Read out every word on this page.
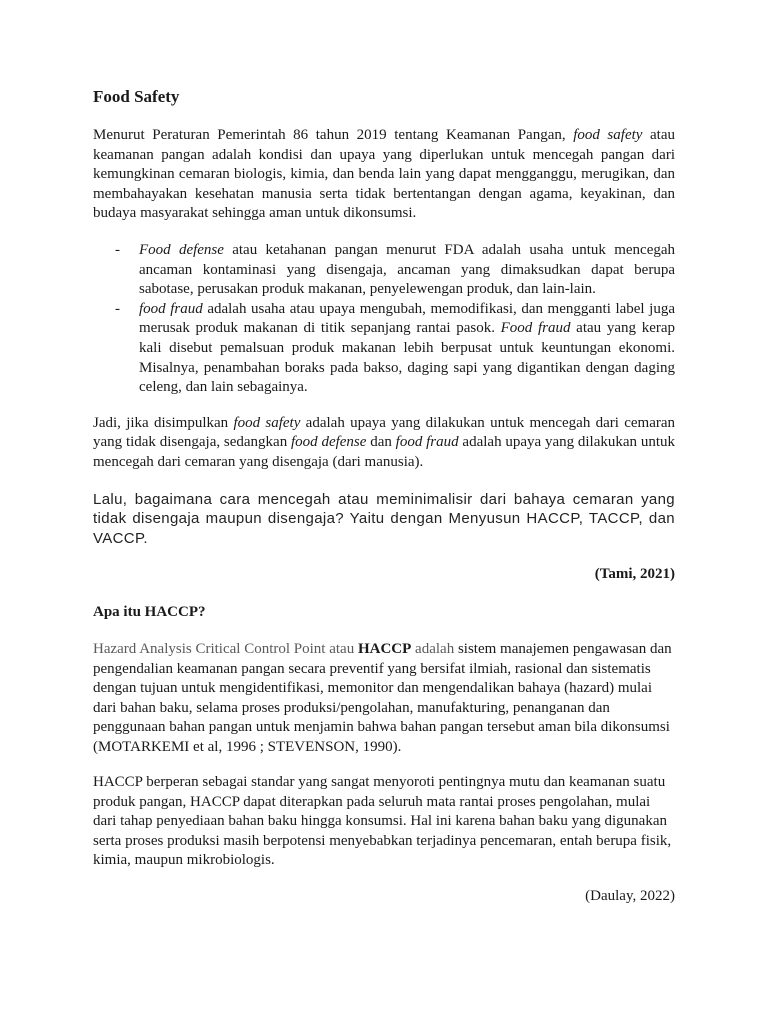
Food Safety

Menurut Peraturan Pemerintah 86 tahun 2019 tentang Keamanan Pangan, food safety atau keamanan pangan adalah kondisi dan upaya yang diperlukan untuk mencegah pangan dari kemungkinan cemaran biologis, kimia, dan benda lain yang dapat mengganggu, merugikan, dan membahayakan kesehatan manusia serta tidak bertentangan dengan agama, keyakinan, dan budaya masyarakat sehingga aman untuk dikonsumsi.

- Food defense atau ketahanan pangan menurut FDA adalah usaha untuk mencegah ancaman kontaminasi yang disengaja, ancaman yang dimaksudkan dapat berupa sabotase, perusakan produk makanan, penyelewengan produk, dan lain-lain.
- food fraud adalah usaha atau upaya mengubah, memodifikasi, dan mengganti label juga merusak produk makanan di titik sepanjang rantai pasok. Food fraud atau yang kerap kali disebut pemalsuan produk makanan lebih berpusat untuk keuntungan ekonomi. Misalnya, penambahan boraks pada bakso, daging sapi yang digantikan dengan daging celeng, dan lain sebagainya.

Jadi, jika disimpulkan food safety adalah upaya yang dilakukan untuk mencegah dari cemaran yang tidak disengaja, sedangkan food defense dan food fraud adalah upaya yang dilakukan untuk mencegah dari cemaran yang disengaja (dari manusia).

Lalu, bagaimana cara mencegah atau meminimalisir dari bahaya cemaran yang tidak disengaja maupun disengaja? Yaitu dengan Menyusun HACCP, TACCP, dan VACCP.

(Tami, 2021)

Apa itu HACCP?

Hazard Analysis Critical Control Point atau HACCP adalah sistem manajemen pengawasan dan pengendalian keamanan pangan secara preventif yang bersifat ilmiah, rasional dan sistematis dengan tujuan untuk mengidentifikasi, memonitor dan mengendalikan bahaya (hazard) mulai dari bahan baku, selama proses produksi/pengolahan, manufakturing, penanganan dan penggunaan bahan pangan untuk menjamin bahwa bahan pangan tersebut aman bila dikonsumsi (MOTARKEMI et al, 1996 ; STEVENSON, 1990).

HACCP berperan sebagai standar yang sangat menyoroti pentingnya mutu dan keamanan suatu produk pangan, HACCP dapat diterapkan pada seluruh mata rantai proses pengolahan, mulai dari tahap penyediaan bahan baku hingga konsumsi. Hal ini karena bahan baku yang digunakan serta proses produksi masih berpotensi menyebabkan terjadinya pencemaran, entah berupa fisik, kimia, maupun mikrobiologis.

(Daulay, 2022)
